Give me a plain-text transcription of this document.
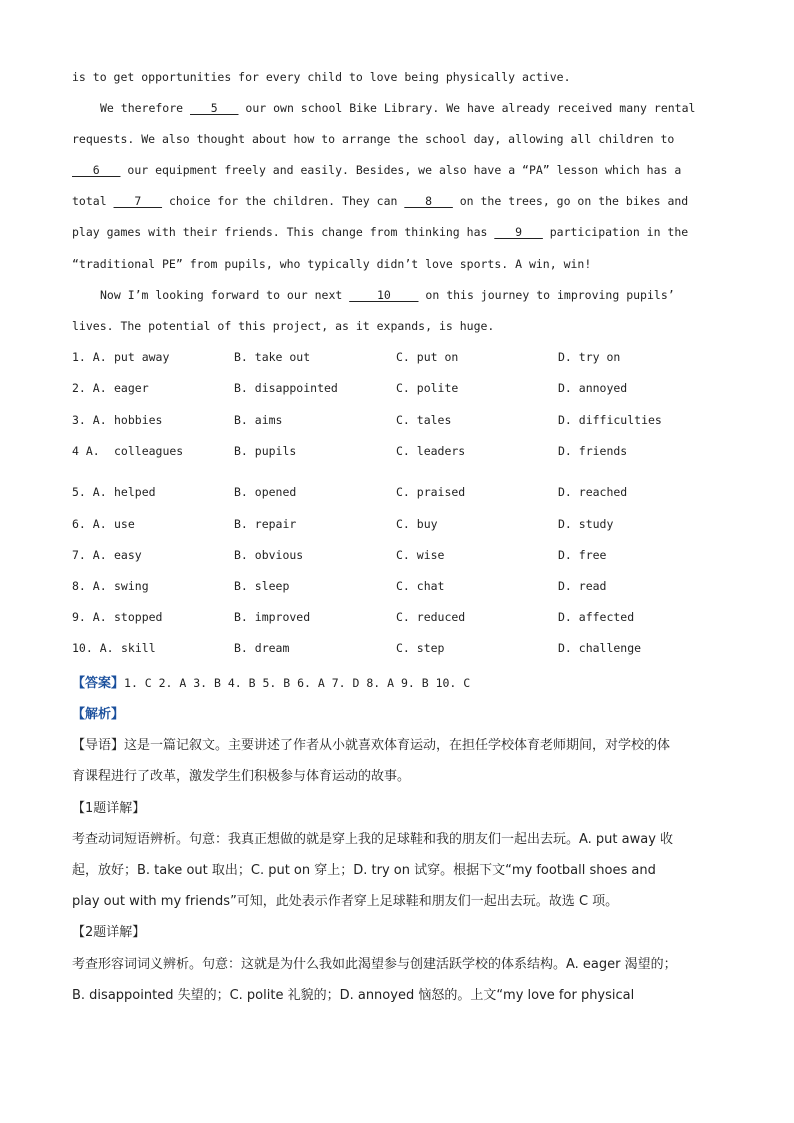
is to get opportunities for every child to love being physically active.
We therefore ___5___ our own school Bike Library. We have already received many rental
requests. We also thought about how to arrange the school day, allowing all children to
___6___ our equipment freely and easily. Besides, we also have a “PA” lesson which has a
total ___7___ choice for the children. They can ___8___ on the trees, go on the bikes and
play games with their friends. This change from thinking has ___9___ participation in the
“traditional PE” from pupils, who typically didn’t love sports. A win, win!
Now I’m looking forward to our next ____10____ on this journey to improving pupils’
lives. The potential of this project, as it expands, is huge.
1. A. put away	B. take out	C. put on	D. try on
2. A. eager	B. disappointed	C. polite	D. annoyed
3. A. hobbies	B. aims	C. tales	D. difficulties
4 A. colleagues	B. pupils	C. leaders	D. friends
5. A. helped	B. opened	C. praised	D. reached
6. A. use	B. repair	C. buy	D. study
7. A. easy	B. obvious	C. wise	D. free
8. A. swing	B. sleep	C. chat	D. read
9. A. stopped	B. improved	C. reduced	D. affected
10. A. skill	B. dream	C. step	D. challenge
【答案】1. C 2. A 3. B 4. B 5. B 6. A 7. D 8. A 9. B 10. C
【解析】
【导语】这是一篇记叙文。主要讲述了作者从小就喜欢体育运动，在担任学校体育老师期间，对学校的体
育课程进行了改革，激发学生们积极参与体育运动的故事。
【1题详解】
考查动词短语辨析。句意：我真正想做的就是穿上我的足球鞋和我的朋友们一起出去玩。A. put away 收
起，放好；B. take out 取出；C. put on 穿上；D. try on 试穿。根据下文“my football shoes and
play out with my friends”可知，此处表示作者穿上足球鞋和朋友们一起出去玩。故选 C 项。
【2题详解】
考查形容词词义辨析。句意：这就是为什么我如此渴望参与创建活跃学校的体系结构。A. eager 渴望的；
B. disappointed 失望的；C. polite 礼貌的；D. annoyed 恼怒的。上文“my love for physical
